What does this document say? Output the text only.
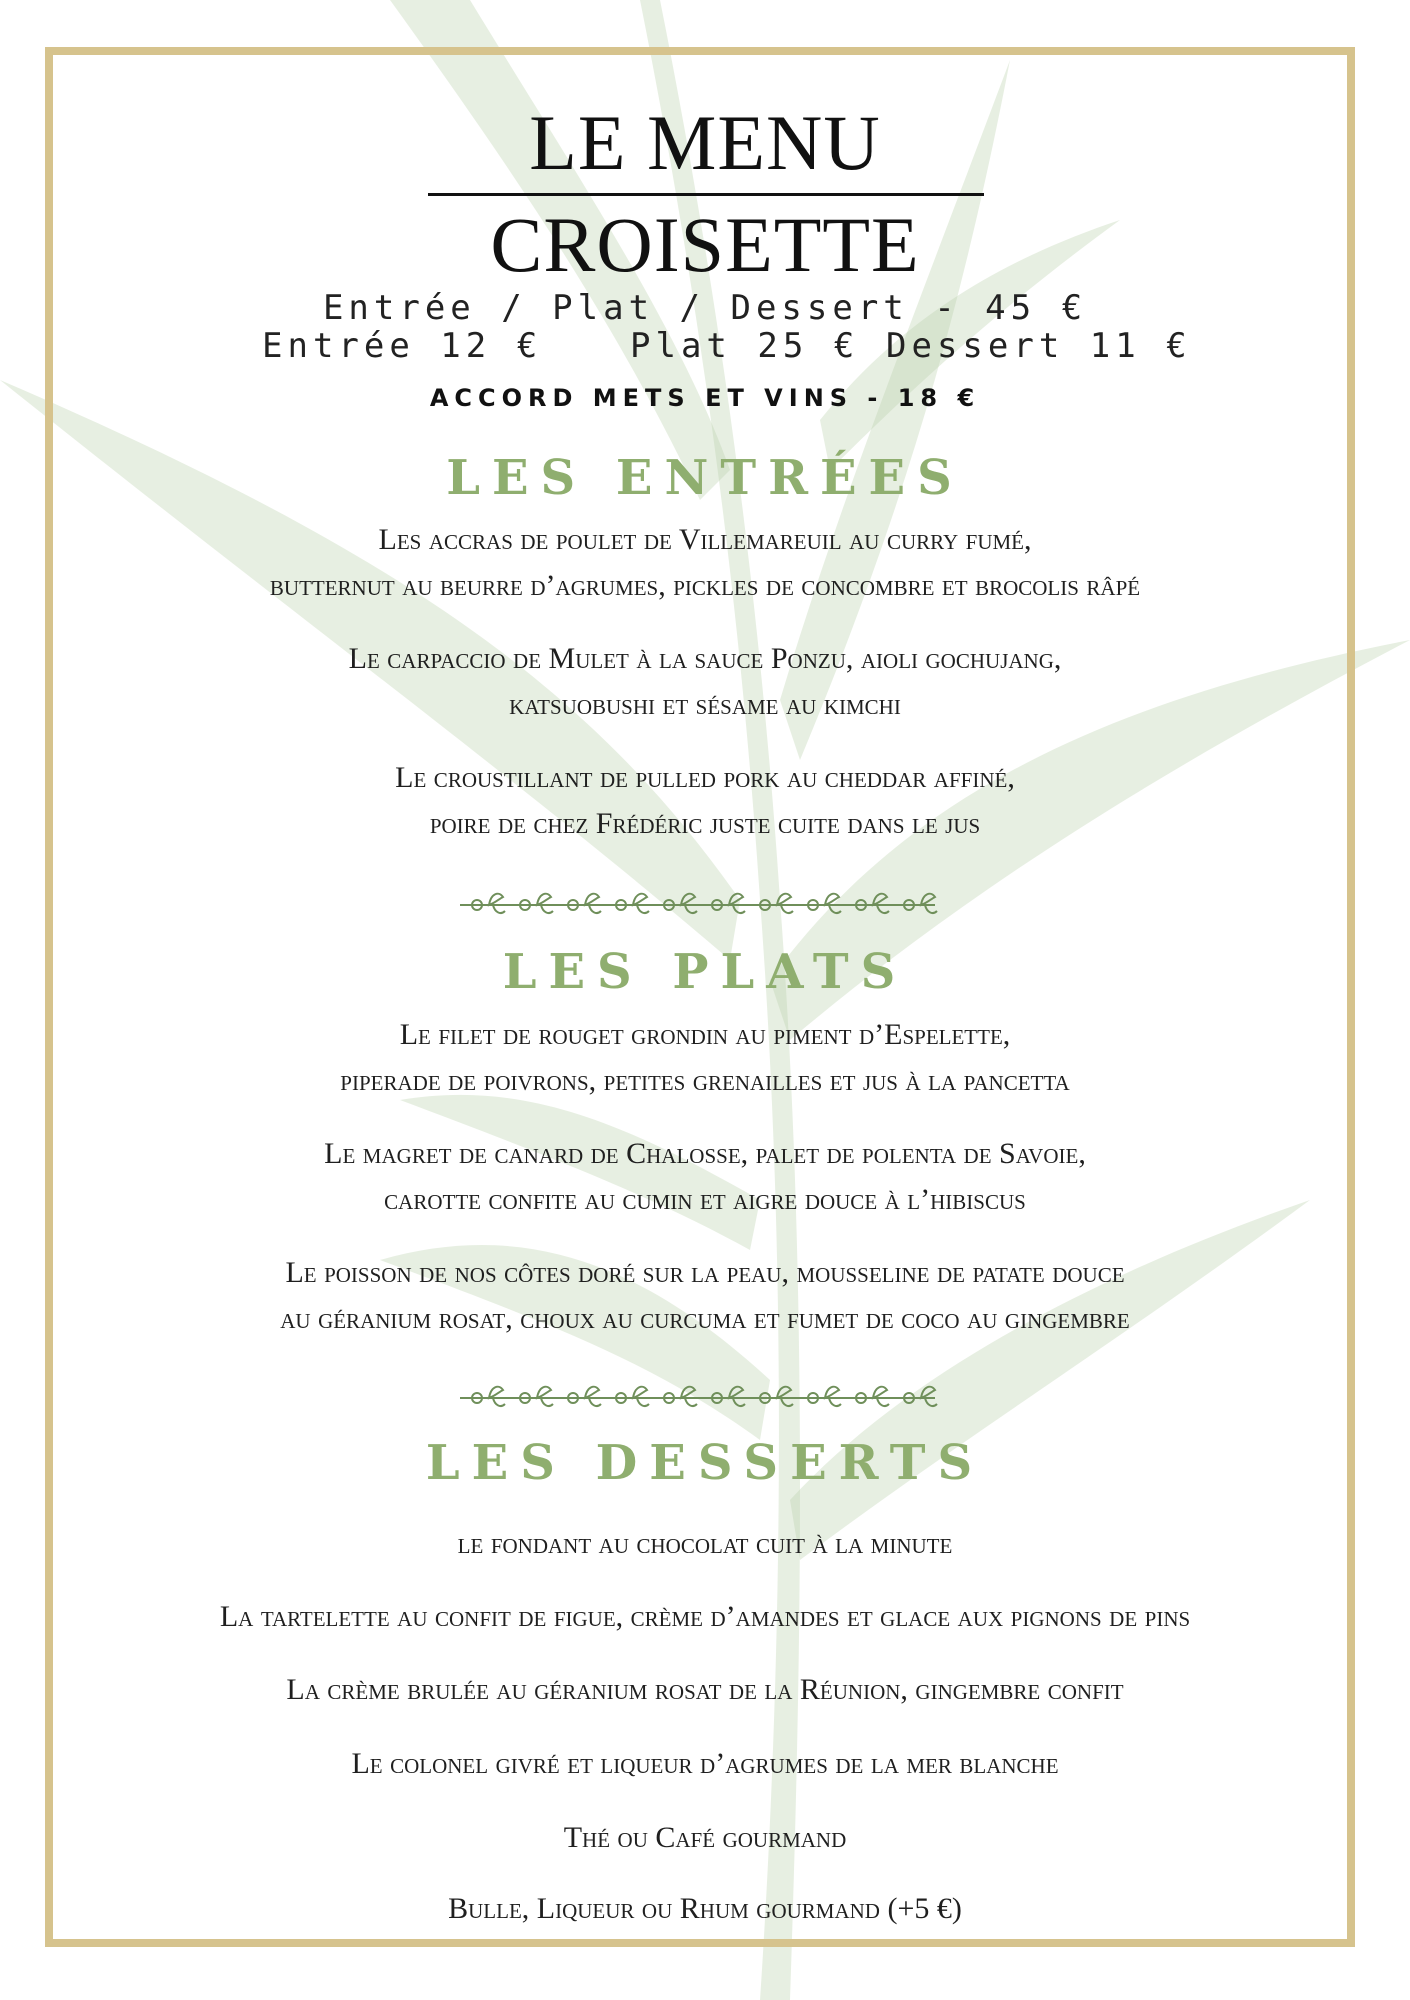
LE MENU
CROISETTE
Entrée / Plat / Dessert - 45 €
Entrée 12 €	Plat 25 € Dessert 11 €
ACCORD METS ET VINS - 18 €
LES ENTRÉES
Les accras de poulet de Villemareuil au curry fumé,
butternut au beurre d’agrumes, pickles de concombre et brocolis râpé
Le carpaccio de Mulet à la sauce Ponzu, aioli gochujang,
katsuobushi et sésame au kimchi
Le croustillant de pulled pork au cheddar affiné,
poire de chez Frédéric juste cuite dans le jus
LES PLATS
Le filet de rouget grondin au piment d’Espelette,
piperade de poivrons, petites grenailles et jus à la pancetta
Le magret de canard de Chalosse, palet de polenta de Savoie,
carotte confite au cumin et aigre douce à l’hibiscus
Le poisson de nos côtes doré sur la peau, mousseline de patate douce
au géranium rosat, choux au curcuma et fumet de coco au gingembre
LES DESSERTS
le fondant au chocolat cuit à la minute
La tartelette au confit de figue, crème d’amandes et glace aux pignons de pins
La crème brulée au géranium rosat de la Réunion, gingembre confit
Le colonel givré et liqueur d’agrumes de la mer blanche
Thé ou Café gourmand
Bulle, Liqueur ou Rhum gourmand (+5 €)
